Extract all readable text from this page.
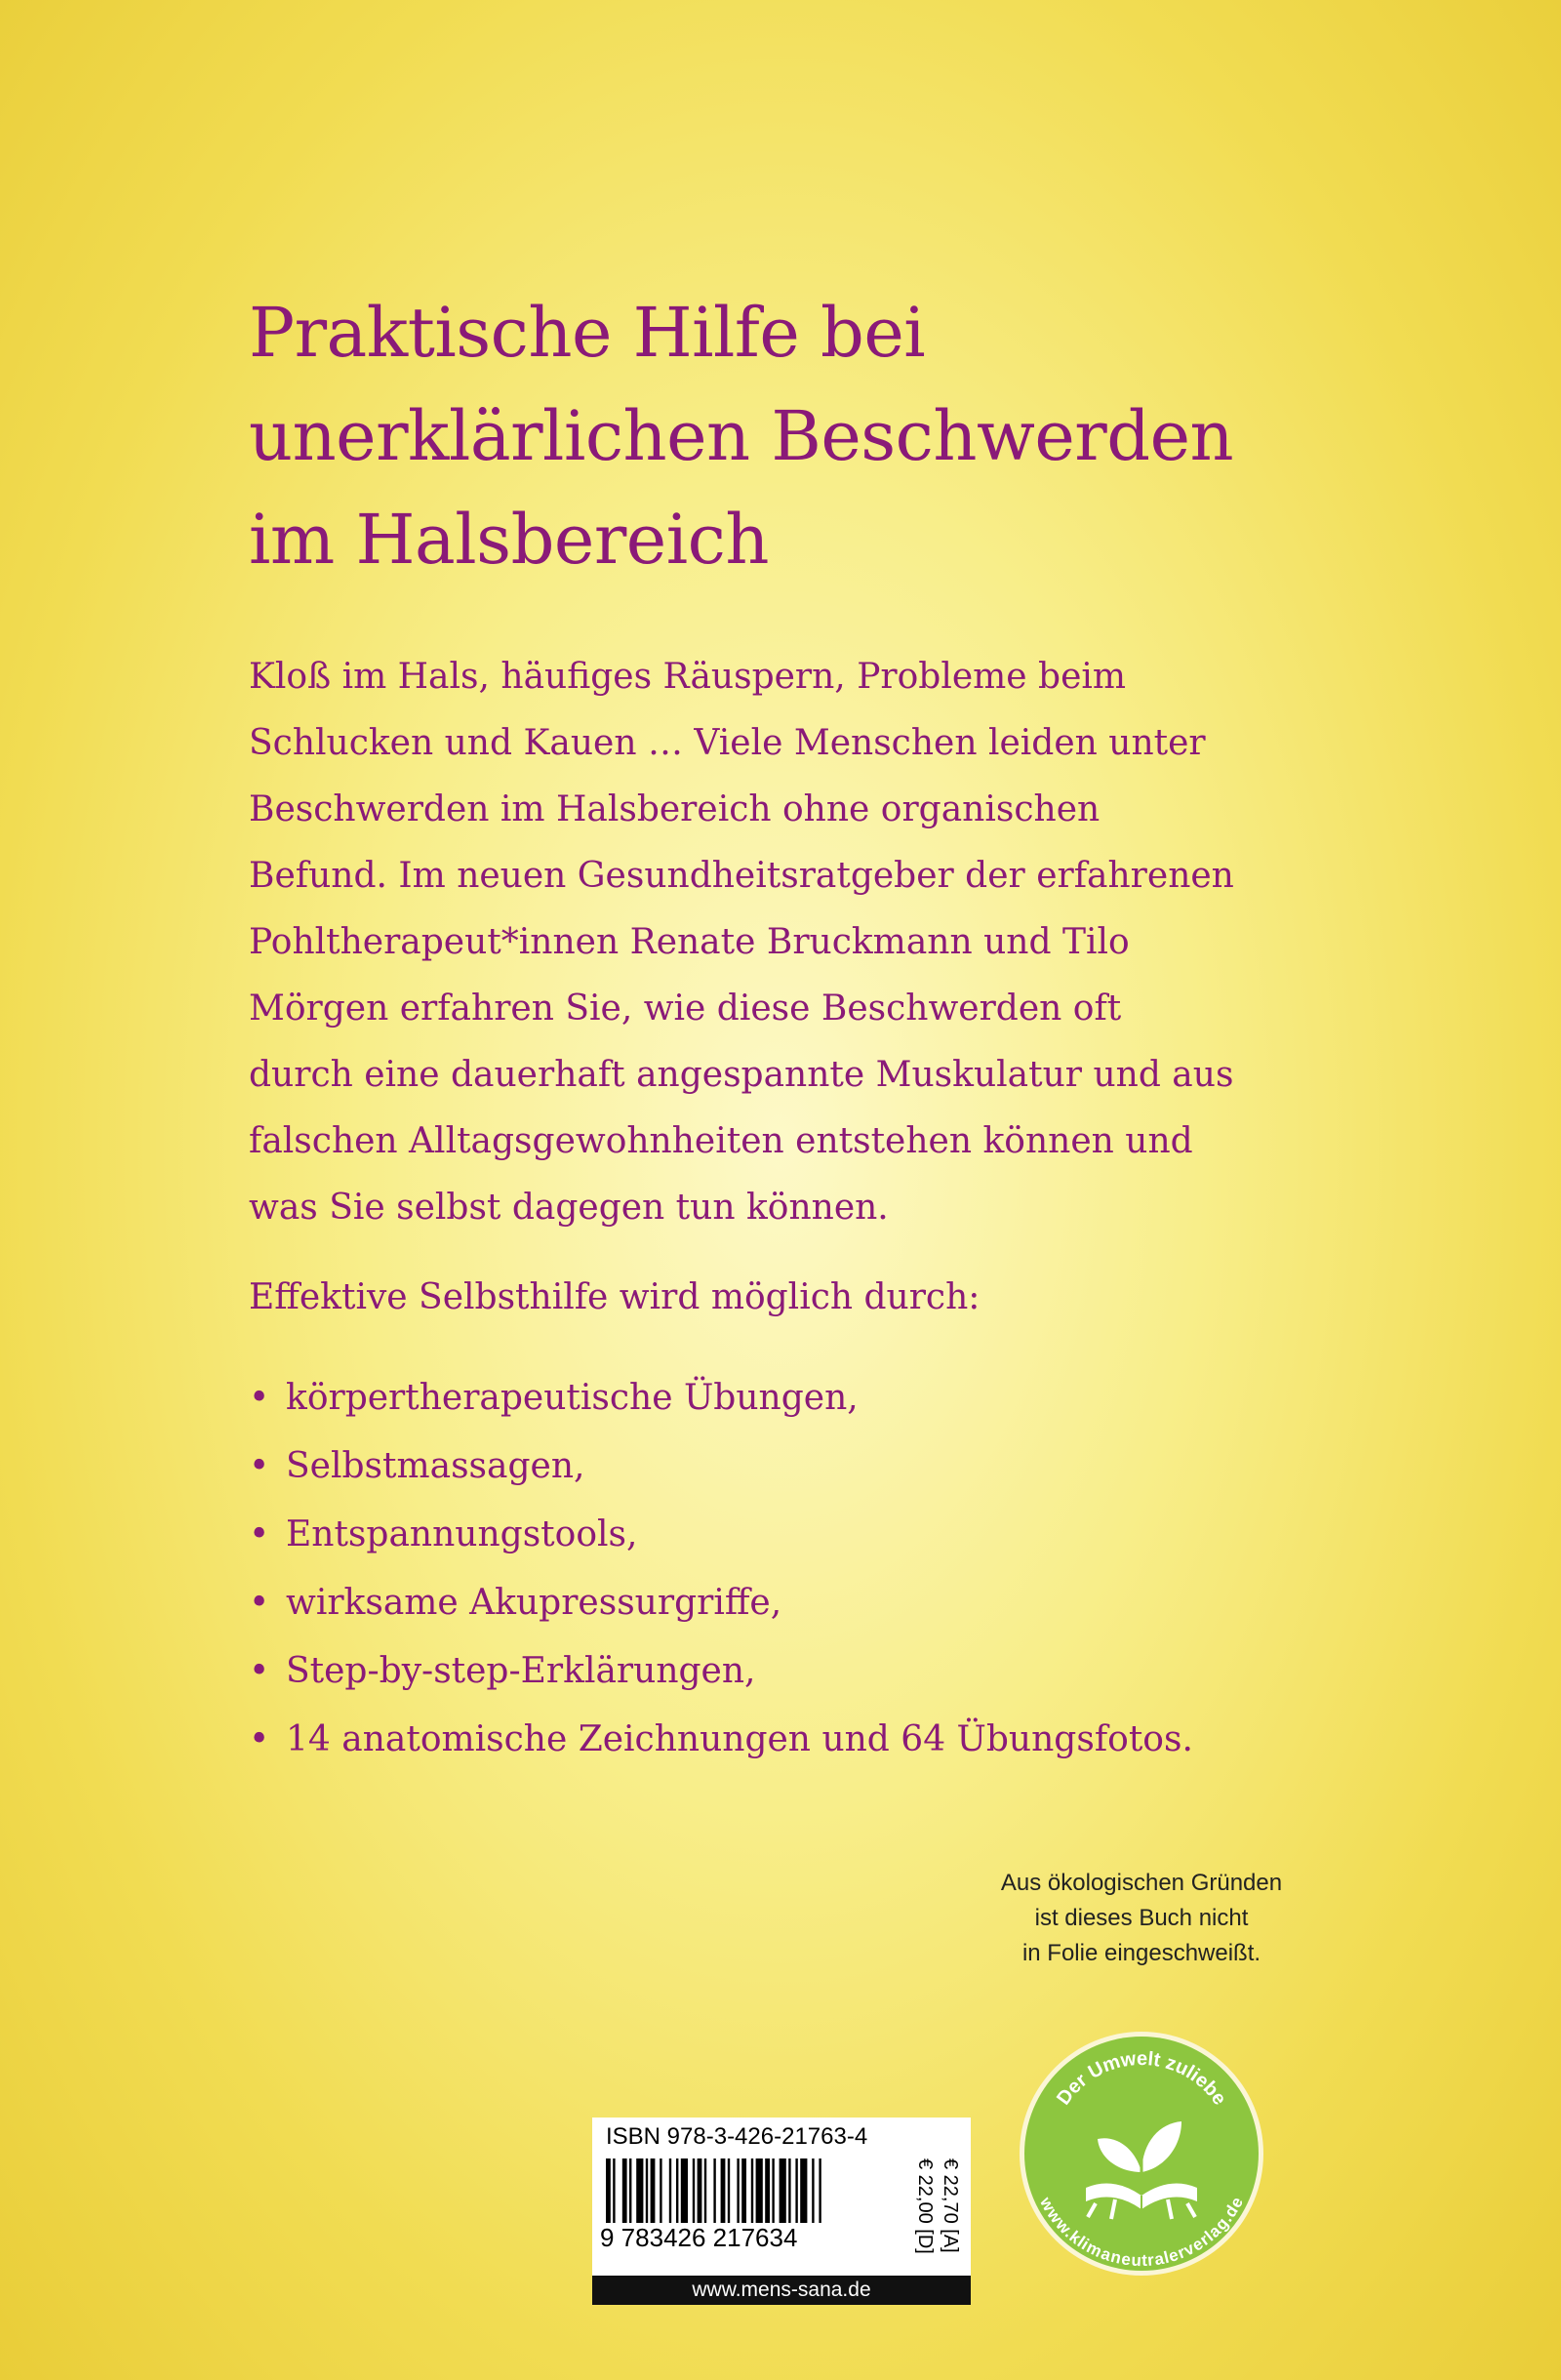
Praktische Hilfe bei
unerklärlichen Beschwerden
im Halsbereich

Kloß im Hals, häufiges Räuspern, Probleme beim
Schlucken und Kauen … Viele Menschen leiden unter
Beschwerden im Halsbereich ohne organischen
Befund. Im neuen Gesundheitsratgeber der erfahrenen
Pohltherapeut*innen Renate Bruckmann und Tilo
Mörgen erfahren Sie, wie diese Beschwerden oft
durch eine dauerhaft angespannte Muskulatur und aus
falschen Alltagsgewohnheiten entstehen können und
was Sie selbst dagegen tun können.

Effektive Selbsthilfe wird möglich durch:

• körpertherapeutische Übungen,
• Selbstmassagen,
• Entspannungstools,
• wirksame Akupressurgriffe,
• Step-by-step-Erklärungen,
• 14 anatomische Zeichnungen und 64 Übungsfotos.
Aus ökologischen Gründen
ist dieses Buch nicht
in Folie eingeschweißt.
Der Umwelt zuliebe
www.klimaneutralerverlag.de
ISBN 978-3-426-21763-4
9 783426 217634	€ 22,00 [D] € 22,70 [A]
www.mens-sana.de
